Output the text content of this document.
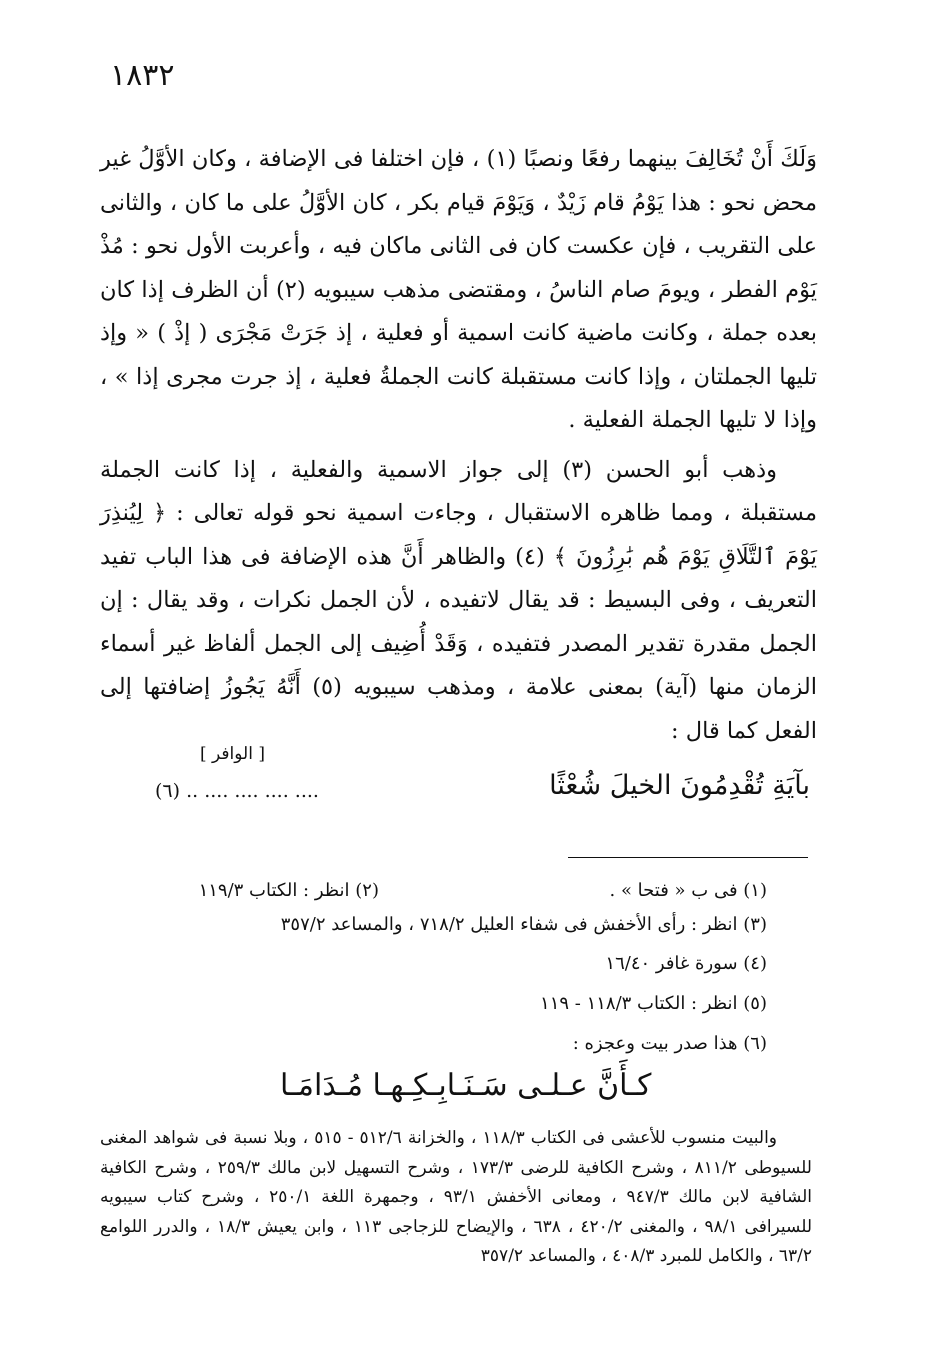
١٨٣٢

وَلَكَ أَنْ تُخَالِفَ بينهما رفعًا ونصبًا (١) ، فإن اختلفا فى الإضافة ، وكان الأوَّلُ غير محض نحو : هذا يَوْمُ قام زَيْدٌ ، وَيَوْمَ قيام بكر ، كان الأوَّلُ على ما كان ، والثانى على التقريب ، فإن عكست كان فى الثانى ماكان فيه ، وأعربت الأول نحو : مُذْ يَوْم الفطر ، ويومَ صام الناسُ ، ومقتضى مذهب سيبويه (٢) أن الظرف إذا كان بعده جملة ، وكانت ماضية كانت اسمية أو فعلية ، إذ جَرَتْ مَجْرَى ( إذْ ) « وإذ تليها الجملتان ، وإذا كانت مستقبلة كانت الجملةُ فعلية ، إذ جرت مجرى إذا » ، وإذا لا تليها الجملة الفعلية .

وذهب أبو الحسن (٣) إلى جواز الاسمية والفعلية ، إذا كانت الجملة مستقبلة ، ومما ظاهره الاستقبال ، وجاءت اسمية نحو قوله تعالى : ﴿ لِيُنذِرَ يَوْمَ ٱلتَّلَاقِ يَوْمَ هُم بَٰرِزُونَ ﴾ (٤) والظاهر أَنَّ هذه الإضافة فى هذا الباب تفيد التعريف ، وفى البسيط : قد يقال لاتفيده ، لأن الجمل نكرات ، وقد يقال : إن الجمل مقدرة تقدير المصدر فتفيده ، وَقَدْ أُضِيف إلى الجمل ألفاظ غير أسماء الزمان منها (آية) بمعنى علامة ، ومذهب سيبويه (٥) أَنَّهُ يَجُوزُ إضافتها إلى الفعل كما قال :

[ الوافر ]
بآيَةِ تُقْدِمُونَ الخيلَ شُعْثًا
.... .... .... .... .. (٦)
(١) فى ب « فتحا » .
(٢) انظر : الكتاب ١١٩/٣
(٣) انظر : رأى الأخفش فى شفاء العليل ٧١٨/٢ ، والمساعد ٣٥٧/٢
(٤) سورة غافر ١٦/٤٠
(٥) انظر : الكتاب ١١٨/٣ - ١١٩
(٦) هذا صدر بيت وعجزه :
كـأَنَّ عـلـى سَـنَـابِـكِـهـا مُـدَامَـا

والبيت منسوب للأعشى فى الكتاب ١١٨/٣ ، والخزانة ٥١٢/٦ - ٥١٥ ، وبلا نسبة فى شواهد المغنى للسيوطى ٨١١/٢ ، وشرح الكافية للرضى ١٧٣/٣ ، وشرح التسهيل لابن مالك ٢٥٩/٣ ، وشرح الكافية الشافية لابن مالك ٩٤٧/٣ ، ومعانى الأخفش ٩٣/١ ، وجمهرة اللغة ٢٥٠/١ ، وشرح كتاب سيبويه للسيرافى ٩٨/١ ، والمغنى ٤٢٠/٢ ، ٦٣٨ ، والإيضاح للزجاجى ١١٣ ، وابن يعيش ١٨/٣ ، والدرر اللوامع ٦٣/٢ ، والكامل للمبرد ٤٠٨/٣ ، والمساعد ٣٥٧/٢
